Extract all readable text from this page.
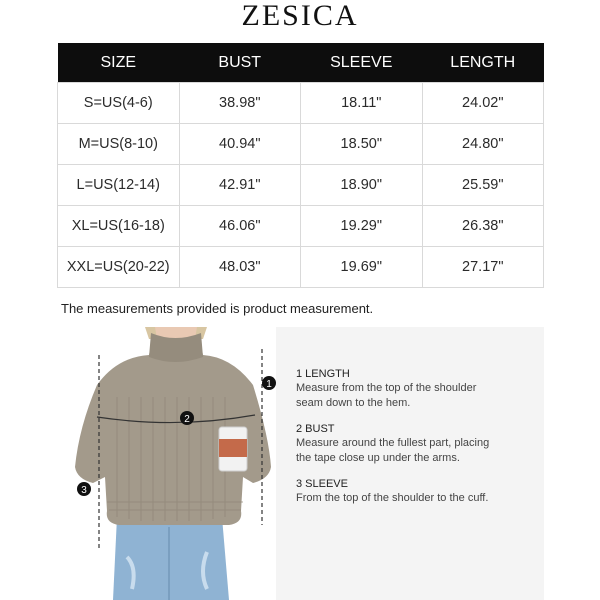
ZESICA
SIZE	BUST	SLEEVE	LENGTH
S=US(4-6)	38.98"	18.11"	24.02"
M=US(8-10)	40.94"	18.50"	24.80"
L=US(12-14)	42.91"	18.90"	25.59"
XL=US(16-18)	46.06"	19.29"	26.38"
XXL=US(20-22)	48.03"	19.69"	27.17"
The measurements provided is product measurement.
1
2
3
1 LENGTH
Measure from the top of the shoulder
seam down to the hem.
2 BUST
Measure around the fullest part, placing
the tape close up under the arms.
3 SLEEVE
From the top of the shoulder to the cuff.
